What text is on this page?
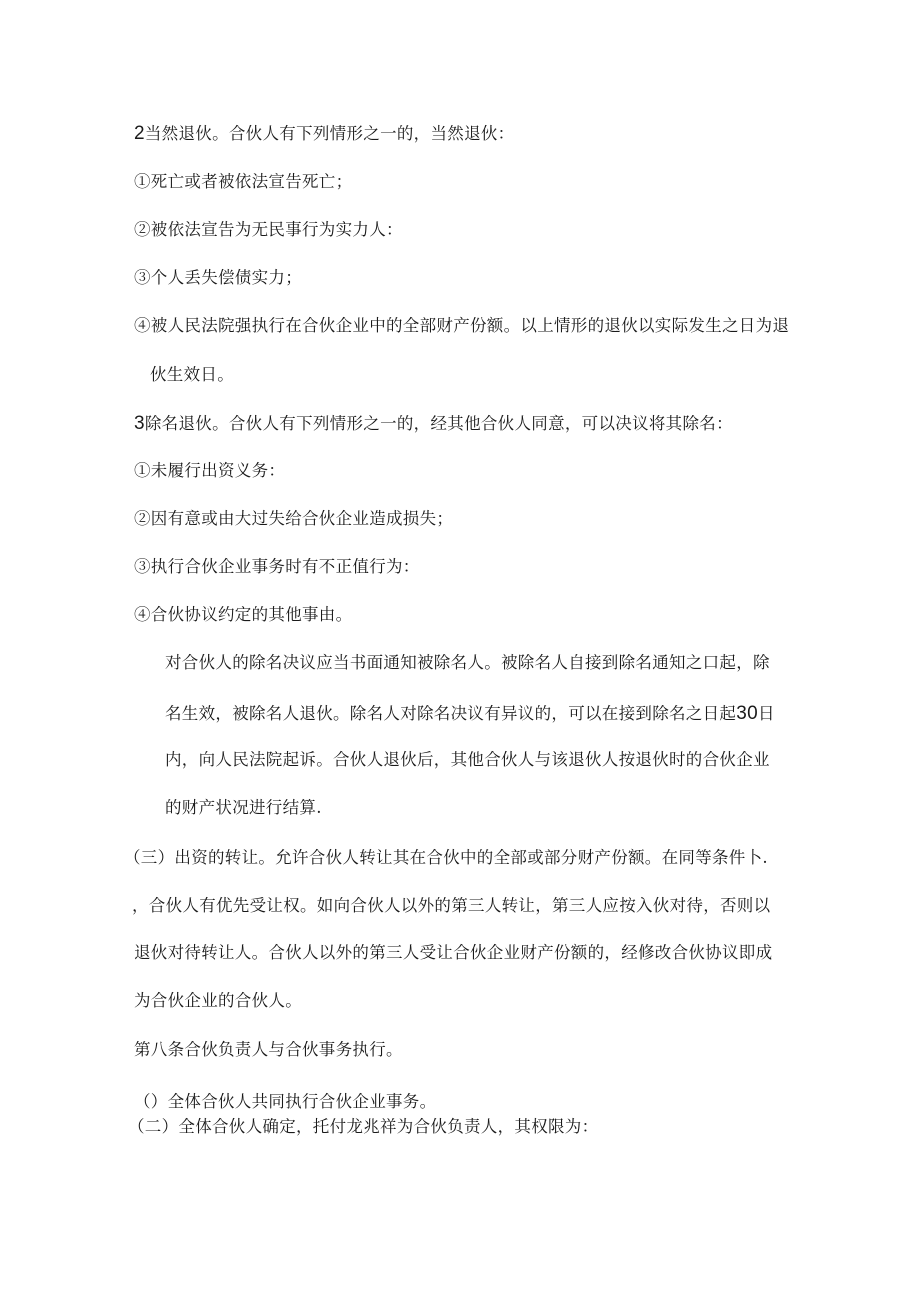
2当然退伙。合伙人有下列情形之一的，当然退伙：
①死亡或者被依法宣告死亡；
②被依法宣告为无民事行为实力人：
③个人丢失偿债实力；
④被人民法院强执行在合伙企业中的全部财产份额。以上情形的退伙以实际发生之日为退
伙生效日。
3除名退伙。合伙人有下列情形之一的，经其他合伙人同意，可以决议将其除名：
①未履行出资义务：
②因有意或由大过失给合伙企业造成损失；
③执行合伙企业事务时有不正值行为：
④合伙协议约定的其他事由。
对合伙人的除名决议应当书面通知被除名人。被除名人自接到除名通知之口起，除
名生效，被除名人退伙。除名人对除名决议有异议的，可以在接到除名之日起30日
内，向人民法院起诉。合伙人退伙后，其他合伙人与该退伙人按退伙时的合伙企业
的财产状况进行结算.
（三）出资的转让。允许合伙人转让其在合伙中的全部或部分财产份额。在同等条件卜.
，合伙人有优先受让权。如向合伙人以外的第三人转让，第三人应按入伙对待，否则以
退伙对待转让人。合伙人以外的第三人受让合伙企业财产份额的，经修改合伙协议即成
为合伙企业的合伙人。
第八条合伙负责人与合伙事务执行。
（）全体合伙人共同执行合伙企业事务。
（二）全体合伙人确定，托付龙兆祥为合伙负责人，其权限为：
